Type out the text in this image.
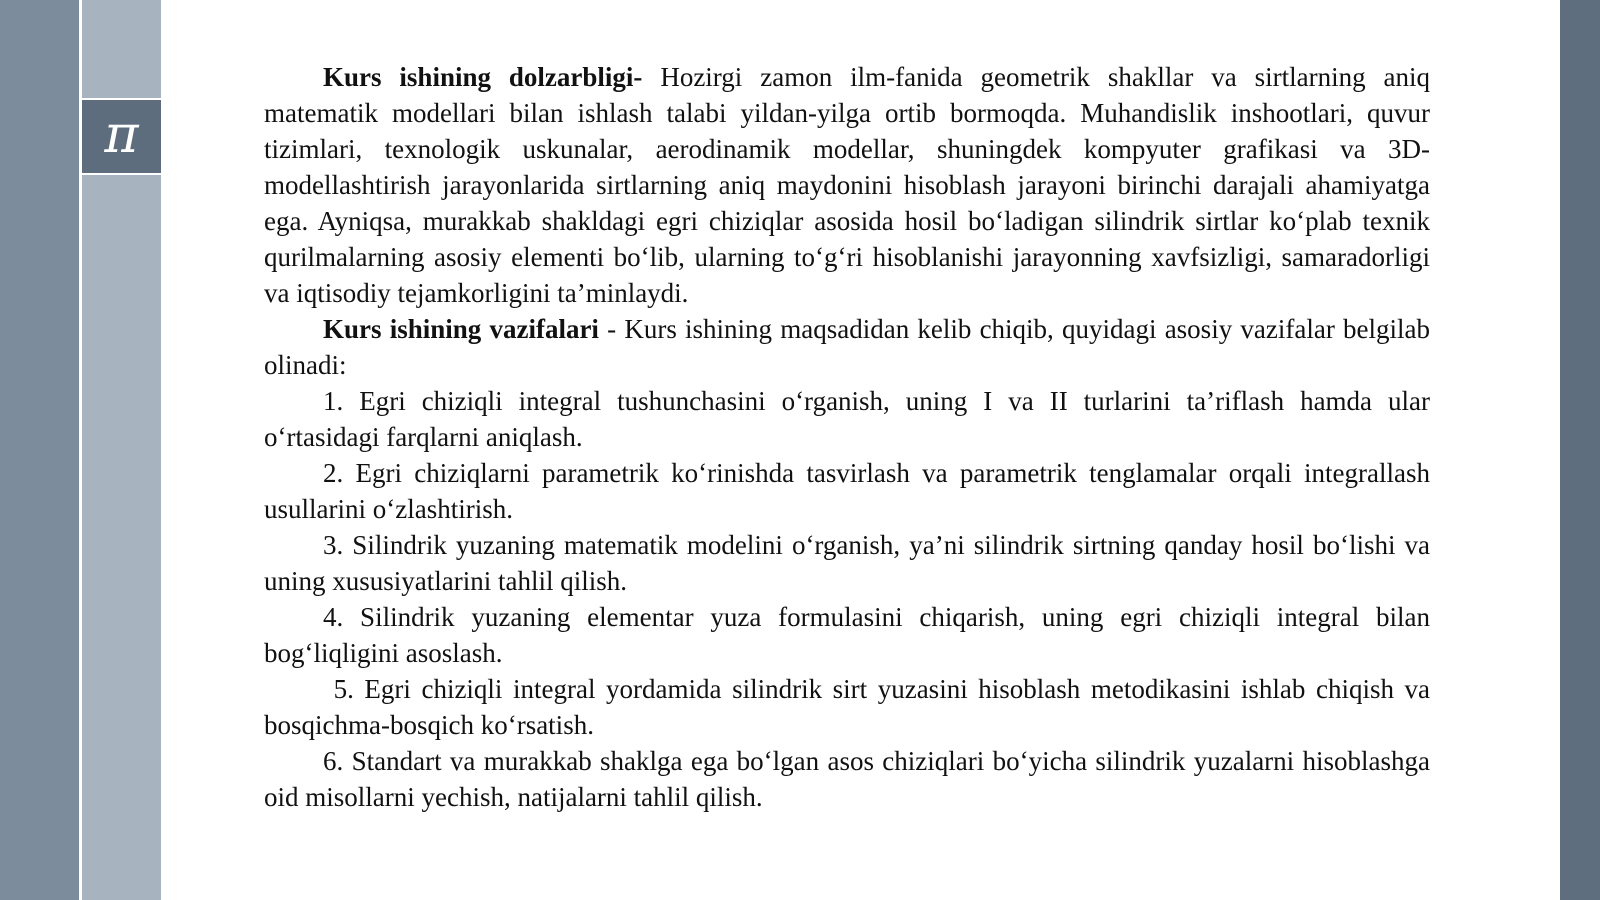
π

Kurs ishining dolzarbligi- Hozirgi zamon ilm-fanida geometrik shakllar va sirtlarning aniq matematik modellari bilan ishlash talabi yildan-yilga ortib bormoqda. Muhandislik inshootlari, quvur tizimlari, texnologik uskunalar, aerodinamik modellar, shuningdek kompyuter grafikasi va 3D-modellashtirish jarayonlarida sirtlarning aniq maydonini hisoblash jarayoni birinchi darajali ahamiyatga ega. Ayniqsa, murakkab shakldagi egri chiziqlar asosida hosil boʻladigan silindrik sirtlar koʻplab texnik qurilmalarning asosiy elementi boʻlib, ularning toʻgʻri hisoblanishi jarayonning xavfsizligi, samaradorligi va iqtisodiy tejamkorligini ta’minlaydi.

Kurs ishining vazifalari - Kurs ishining maqsadidan kelib chiqib, quyidagi asosiy vazifalar belgilab olinadi:

1. Egri chiziqli integral tushunchasini oʻrganish, uning I va II turlarini ta’riflash hamda ular oʻrtasidagi farqlarni aniqlash.

2. Egri chiziqlarni parametrik koʻrinishda tasvirlash va parametrik tenglamalar orqali integrallash usullarini oʻzlashtirish.

3. Silindrik yuzaning matematik modelini oʻrganish, ya’ni silindrik sirtning qanday hosil boʻlishi va uning xususiyatlarini tahlil qilish.

4. Silindrik yuzaning elementar yuza formulasini chiqarish, uning egri chiziqli integral bilan bogʻliqligini asoslash.

5. Egri chiziqli integral yordamida silindrik sirt yuzasini hisoblash metodikasini ishlab chiqish va bosqichma-bosqich koʻrsatish.

6. Standart va murakkab shaklga ega boʻlgan asos chiziqlari boʻyicha silindrik yuzalarni hisoblashga oid misollarni yechish, natijalarni tahlil qilish.
